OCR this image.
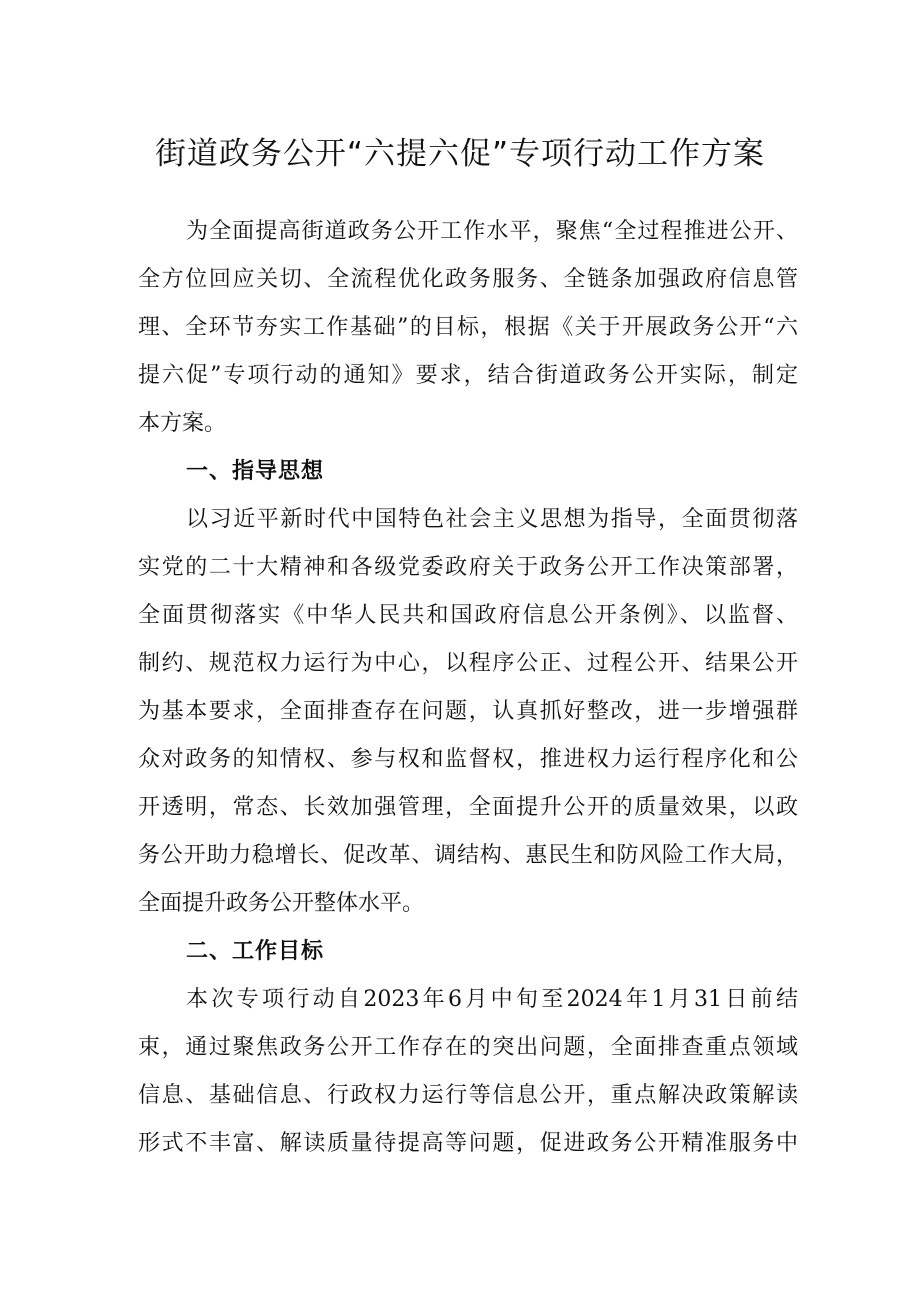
街道政务公开“六提六促”专项行动工作方案
为全面提高街道政务公开工作水平，聚焦“全过程推进公开、
全方位回应关切、全流程优化政务服务、全链条加强政府信息管
理、全环节夯实工作基础”的目标，根据《关于开展政务公开“六
提六促”专项行动的通知》要求，结合街道政务公开实际，制定
本方案。
一、指导思想
以习近平新时代中国特色社会主义思想为指导，全面贯彻落
实党的二十大精神和各级党委政府关于政务公开工作决策部署，
全面贯彻落实《中华人民共和国政府信息公开条例》、以监督、
制约、规范权力运行为中心，以程序公正、过程公开、结果公开
为基本要求，全面排查存在问题，认真抓好整改，进一步增强群
众对政务的知情权、参与权和监督权，推进权力运行程序化和公
开透明，常态、长效加强管理，全面提升公开的质量效果，以政
务公开助力稳增长、促改革、调结构、惠民生和防风险工作大局，
全面提升政务公开整体水平。
二、工作目标
本次专项行动自2023年6月中旬至2024年1月31日前结
束，通过聚焦政务公开工作存在的突出问题，全面排查重点领域
信息、基础信息、行政权力运行等信息公开，重点解决政策解读
形式不丰富、解读质量待提高等问题，促进政务公开精准服务中
